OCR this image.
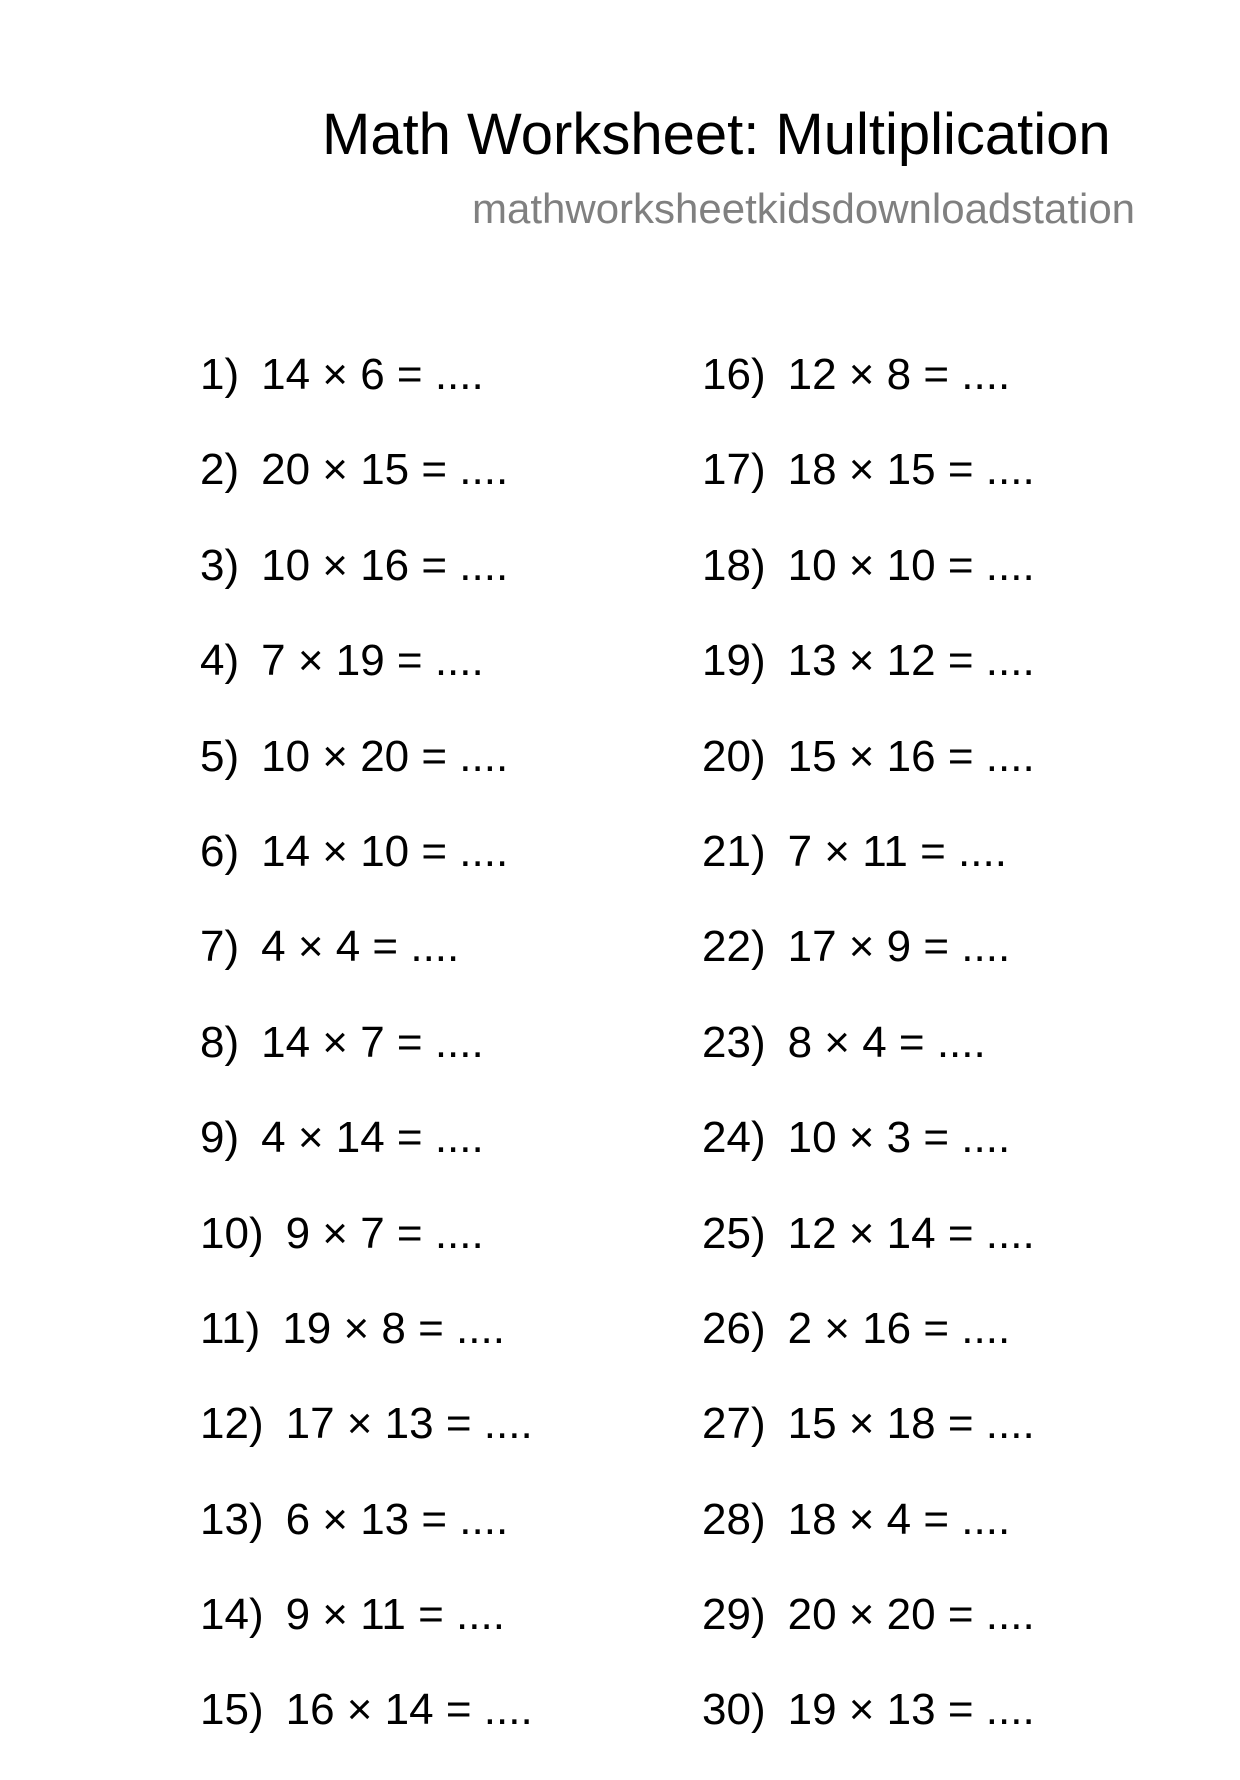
Math Worksheet: Multiplication
mathworksheetkidsdownloadstation
1) 14 × 6 = ....
2) 20 × 15 = ....
3) 10 × 16 = ....
4) 7 × 19 = ....
5) 10 × 20 = ....
6) 14 × 10 = ....
7) 4 × 4 = ....
8) 14 × 7 = ....
9) 4 × 14 = ....
10) 9 × 7 = ....
11) 19 × 8 = ....
12) 17 × 13 = ....
13) 6 × 13 = ....
14) 9 × 11 = ....
15) 16 × 14 = ....
16) 12 × 8 = ....
17) 18 × 15 = ....
18) 10 × 10 = ....
19) 13 × 12 = ....
20) 15 × 16 = ....
21) 7 × 11 = ....
22) 17 × 9 = ....
23) 8 × 4 = ....
24) 10 × 3 = ....
25) 12 × 14 = ....
26) 2 × 16 = ....
27) 15 × 18 = ....
28) 18 × 4 = ....
29) 20 × 20 = ....
30) 19 × 13 = ....
